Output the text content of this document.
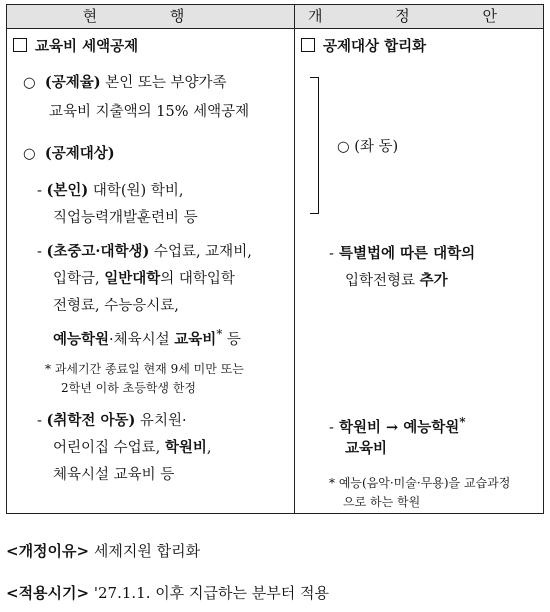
현 행	개 정 안
교육비 세액공제
○ (공제율) 본인 또는 부양가족
교육비 지출액의 15% 세액공제
○ (공제대상)
- (본인) 대학(원) 학비,
직업능력개발훈련비 등
- (초중고·대학생) 수업료, 교재비,
입학금, 일반대학의 대학입학
전형료, 수능응시료,
예능학원·체육시설 교육비* 등
* 과세기간 종료일 현재 9세 미만 또는
2학년 이하 초등학생 한정
- (취학전 아동) 유치원·
어린이집 수업료, 학원비,
체육시설 교육비 등
공제대상 합리화
○ (좌 동)
- 특별법에 따른 대학의
입학전형료 추가
- 학원비 → 예능학원*
교육비
* 예능(음악·미술·무용)을 교습과정
으로 하는 학원
<개정이유> 세제지원 합리화
<적용시기> '27.1.1. 이후 지급하는 분부터 적용
